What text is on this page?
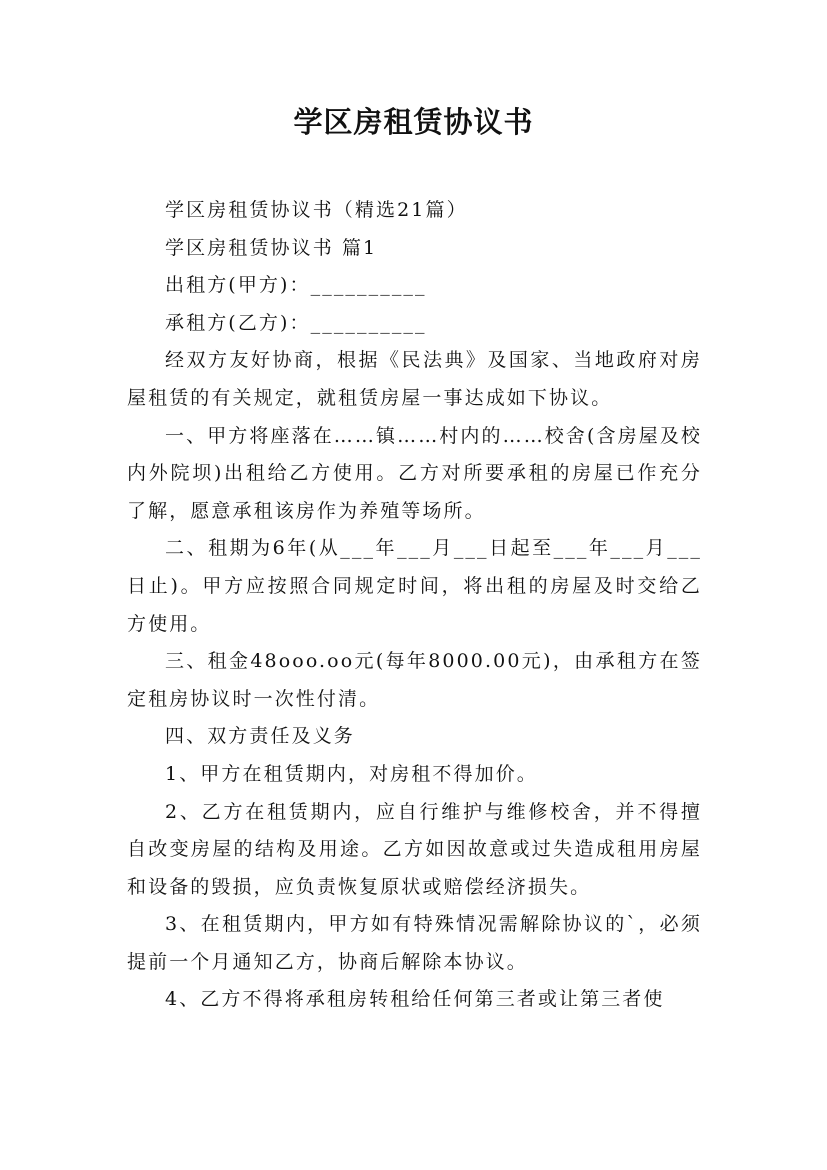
学区房租赁协议书

学区房租赁协议书（精选21篇）

学区房租赁协议书 篇1

出租方(甲方)：__________

承租方(乙方)：__________

经双方友好协商，根据《民法典》及国家、当地政府对房屋租赁的有关规定，就租赁房屋一事达成如下协议。

一、甲方将座落在……镇……村内的……校舍(含房屋及校内外院坝)出租给乙方使用。乙方对所要承租的房屋已作充分了解，愿意承租该房作为养殖等场所。

二、租期为6年(从___年___月___日起至___年___月___日止)。甲方应按照合同规定时间，将出租的房屋及时交给乙方使用。

三、租金48ooo.oo元(每年8000.00元)，由承租方在签定租房协议时一次性付清。

四、双方责任及义务

1、甲方在租赁期内，对房租不得加价。

2、乙方在租赁期内，应自行维护与维修校舍，并不得擅自改变房屋的结构及用途。乙方如因故意或过失造成租用房屋和设备的毁损，应负责恢复原状或赔偿经济损失。

3、在租赁期内，甲方如有特殊情况需解除协议的`，必须提前一个月通知乙方，协商后解除本协议。

4、乙方不得将承租房转租给任何第三者或让第三者使
